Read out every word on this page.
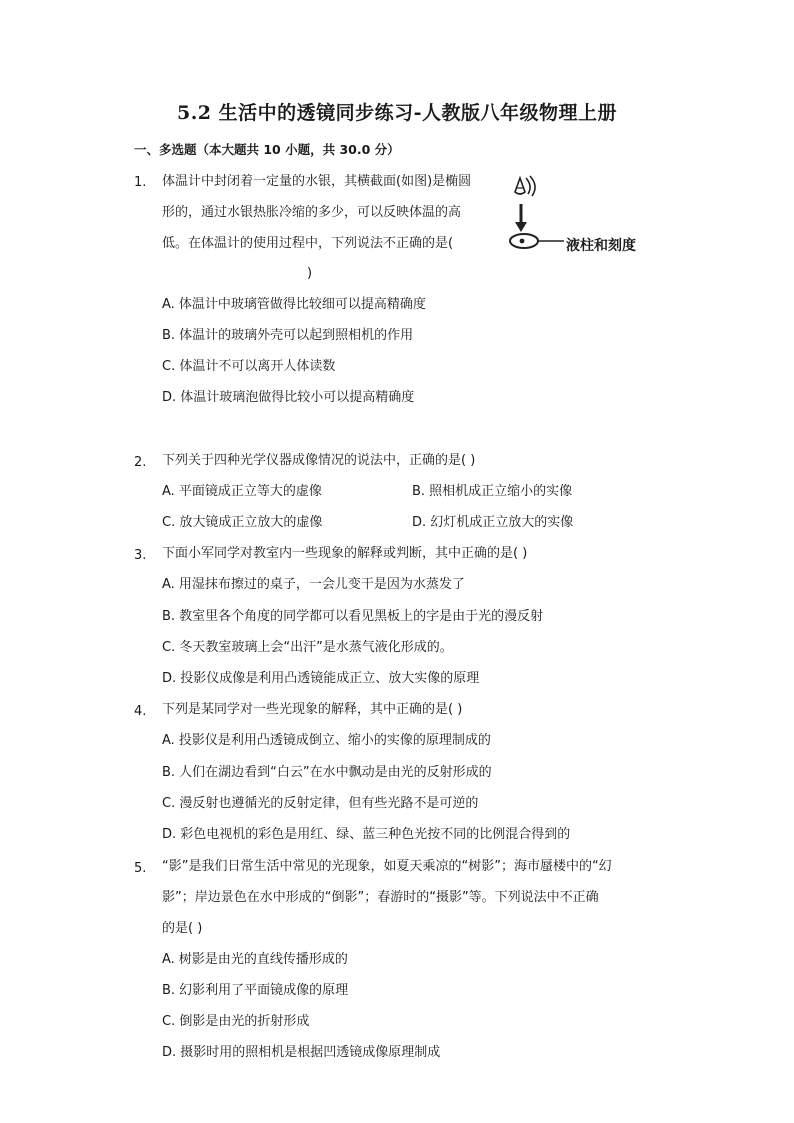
5.2 生活中的透镜同步练习-人教版八年级物理上册
一、多选题（本大题共 10 小题，共 30.0 分）
1. 体温计中封闭着一定量的水银，其横截面(如图)是椭圆
形的，通过水银热胀冷缩的多少，可以反映体温的高
低。在体温计的使用过程中，下列说法不正确的是(
)
液柱和刻度
A. 体温计中玻璃管做得比较细可以提高精确度
B. 体温计的玻璃外壳可以起到照相机的作用
C. 体温计不可以离开人体读数
D. 体温计玻璃泡做得比较小可以提高精确度
2. 下列关于四种光学仪器成像情况的说法中，正确的是( )
A. 平面镜成正立等大的虚像	B. 照相机成正立缩小的实像
C. 放大镜成正立放大的虚像	D. 幻灯机成正立放大的实像
3. 下面小军同学对教室内一些现象的解释或判断，其中正确的是( )
A. 用湿抹布擦过的桌子，一会儿变干是因为水蒸发了
B. 教室里各个角度的同学都可以看见黑板上的字是由于光的漫反射
C. 冬天教室玻璃上会“出汗”是水蒸气液化形成的。
D. 投影仪成像是利用凸透镜能成正立、放大实像的原理
4. 下列是某同学对一些光现象的解释，其中正确的是( )
A. 投影仪是利用凸透镜成倒立、缩小的实像的原理制成的
B. 人们在湖边看到“白云”在水中飘动是由光的反射形成的
C. 漫反射也遵循光的反射定律，但有些光路不是可逆的
D. 彩色电视机的彩色是用红、绿、蓝三种色光按不同的比例混合得到的
5. “影”是我们日常生活中常见的光现象，如夏天乘凉的“树影”；海市蜃楼中的“幻
影”；岸边景色在水中形成的“倒影”；春游时的“摄影”等。下列说法中不正确
的是( )
A. 树影是由光的直线传播形成的
B. 幻影利用了平面镜成像的原理
C. 倒影是由光的折射形成
D. 摄影时用的照相机是根据凹透镜成像原理制成
